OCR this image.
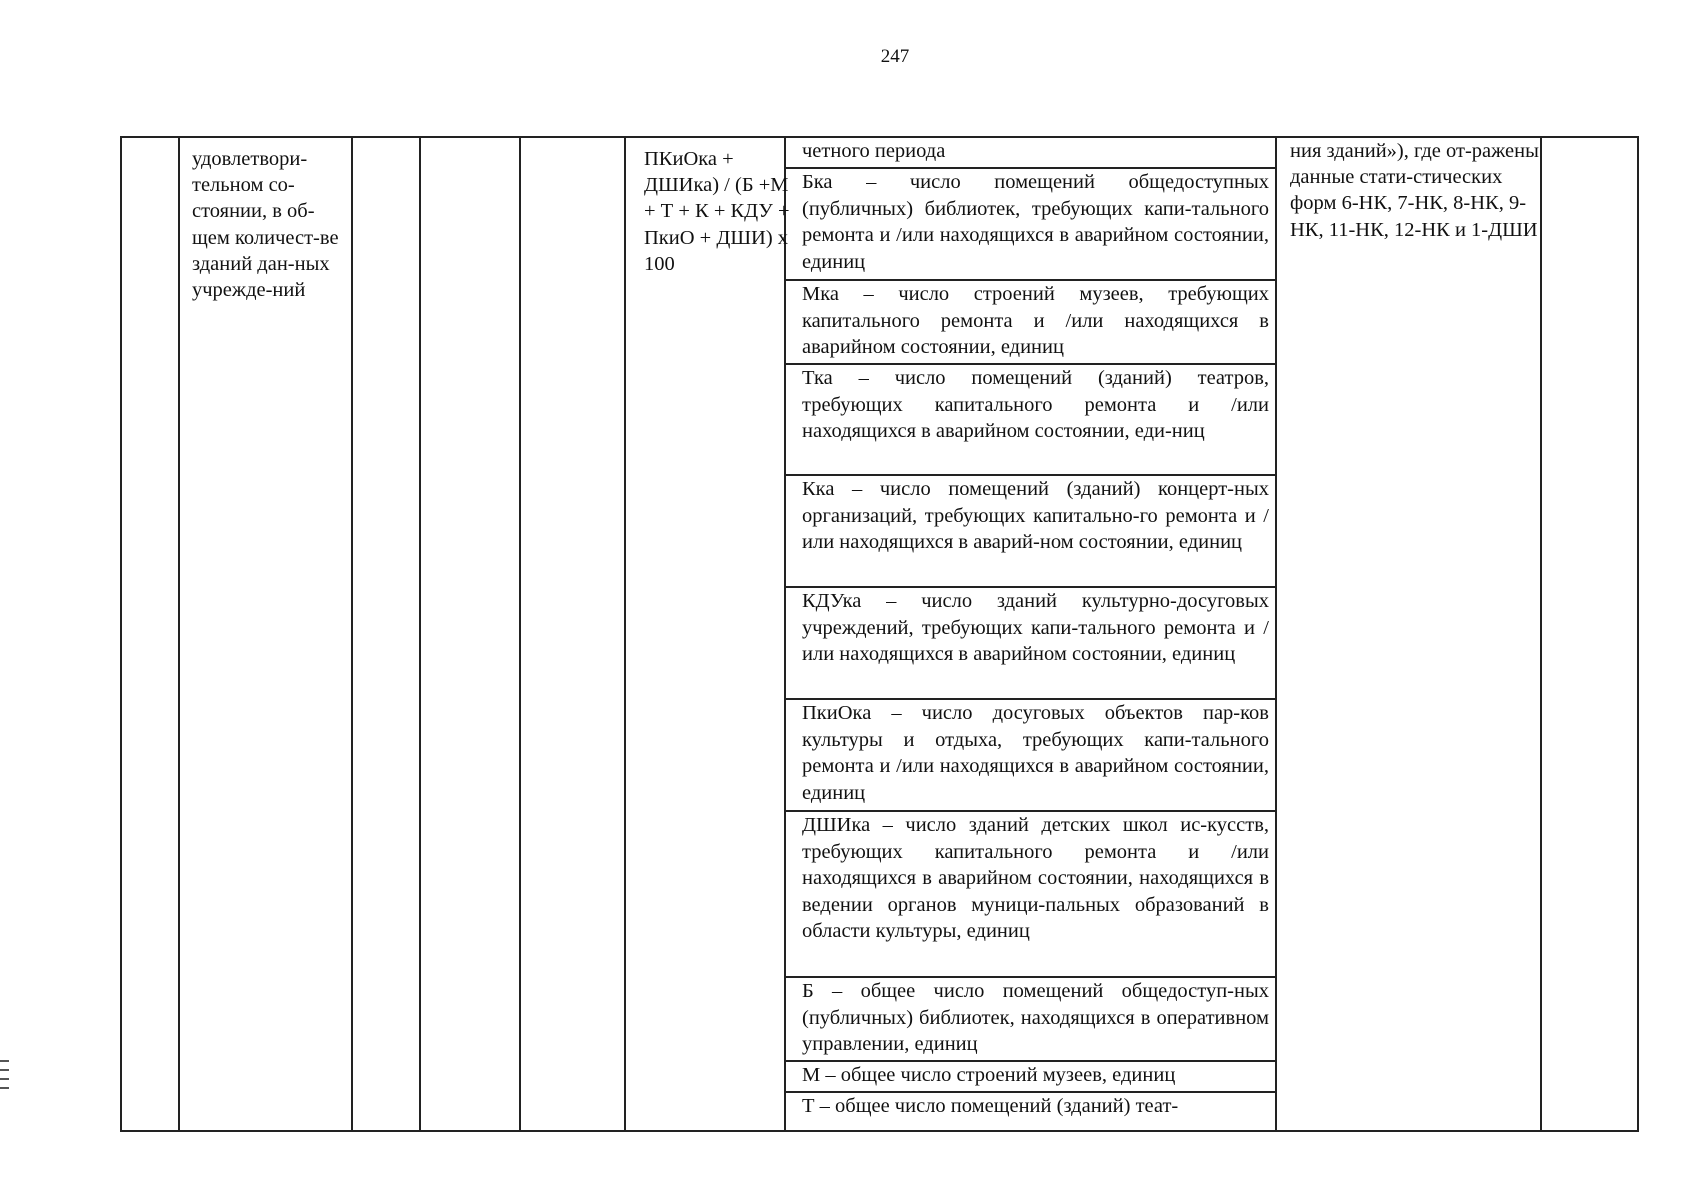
247
удовлетвори-тельном со-стоянии, в об-щем количест-ве зданий дан-ных учрежде-ний
ПКиОка + ДШИка) / (Б +М + Т + К + КДУ + ПкиО + ДШИ) х 100
четного периода
Бка – число помещений общедоступных (публичных) библиотек, требующих капи-тального ремонта и /или находящихся в аварийном состоянии, единиц
Мка – число строений музеев, требующих капитального ремонта и /или находящихся в аварийном состоянии, единиц
Тка – число помещений (зданий) театров, требующих капитального ремонта и /или находящихся в аварийном состоянии, еди-ниц
Кка – число помещений (зданий) концерт-ных организаций, требующих капитально-го ремонта и /или находящихся в аварий-ном состоянии, единиц
КДУка – число зданий культурно-досуговых учреждений, требующих капи-тального ремонта и /или находящихся в аварийном состоянии, единиц
ПкиОка – число досуговых объектов пар-ков культуры и отдыха, требующих капи-тального ремонта и /или находящихся в аварийном состоянии, единиц
ДШИка – число зданий детских школ ис-кусств, требующих капитального ремонта и /или находящихся в аварийном состоянии, находящихся в ведении органов муници-пальных образований в области культуры, единиц
Б – общее число помещений общедоступ-ных (публичных) библиотек, находящихся в оперативном управлении, единиц
М – общее число строений музеев, единиц
Т – общее число помещений (зданий) теат-
ния зданий»), где от-ражены данные стати-стических форм 6-НК, 7-НК, 8-НК, 9-НК, 11-НК, 12-НК и 1-ДШИ
